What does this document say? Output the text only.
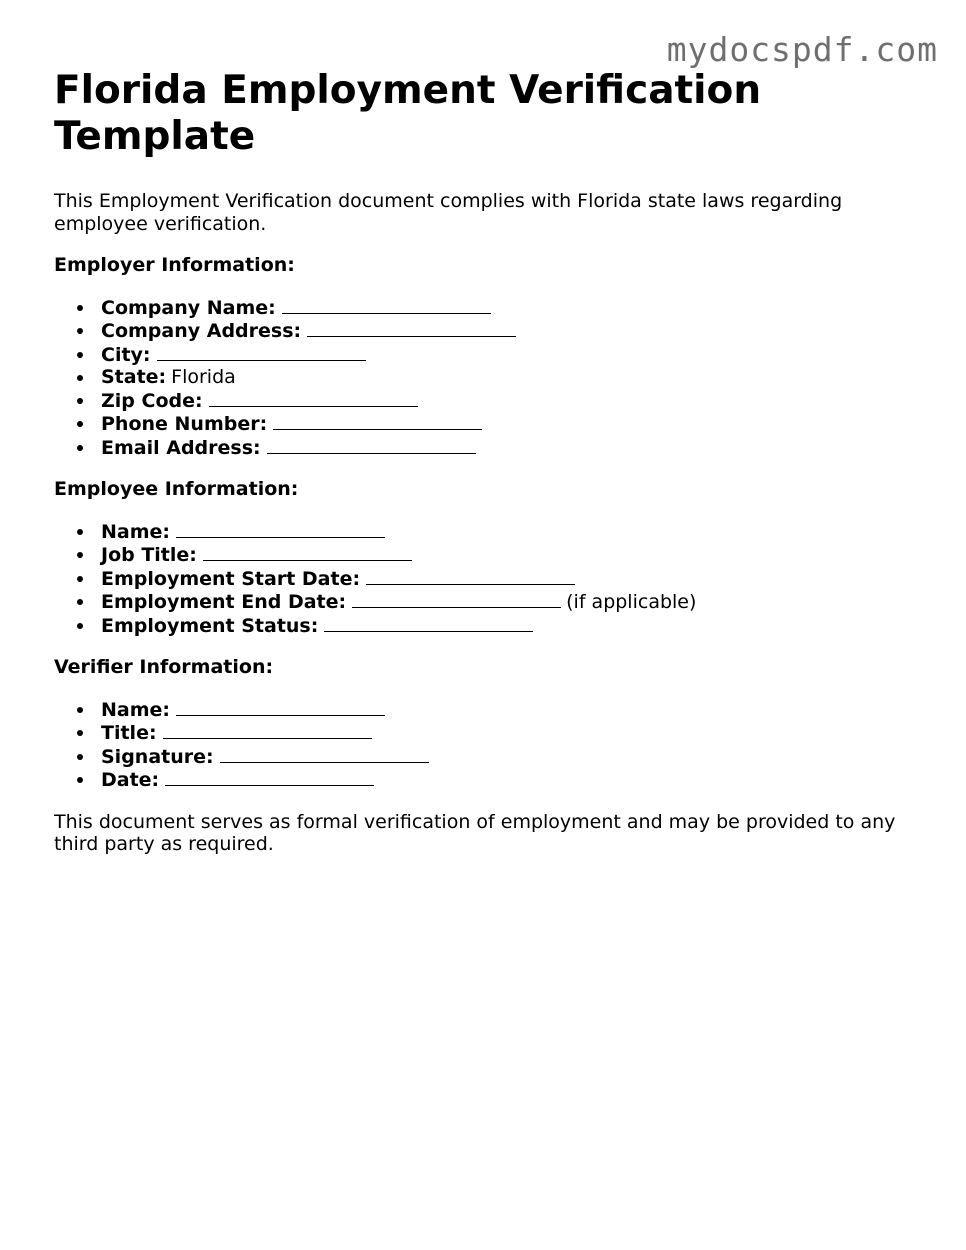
mydocspdf.com
Florida Employment Verification Template

This Employment Verification document complies with Florida state laws regarding employee verification.

Employer Information:

Company Name:
Company Address:
City:
State: Florida
Zip Code:
Phone Number:
Email Address:

Employee Information:

Name:
Job Title:
Employment Start Date:
Employment End Date:	(if applicable)
Employment Status:

Verifier Information:

Name:
Title:
Signature:
Date:

This document serves as formal verification of employment and may be provided to any third party as required.
